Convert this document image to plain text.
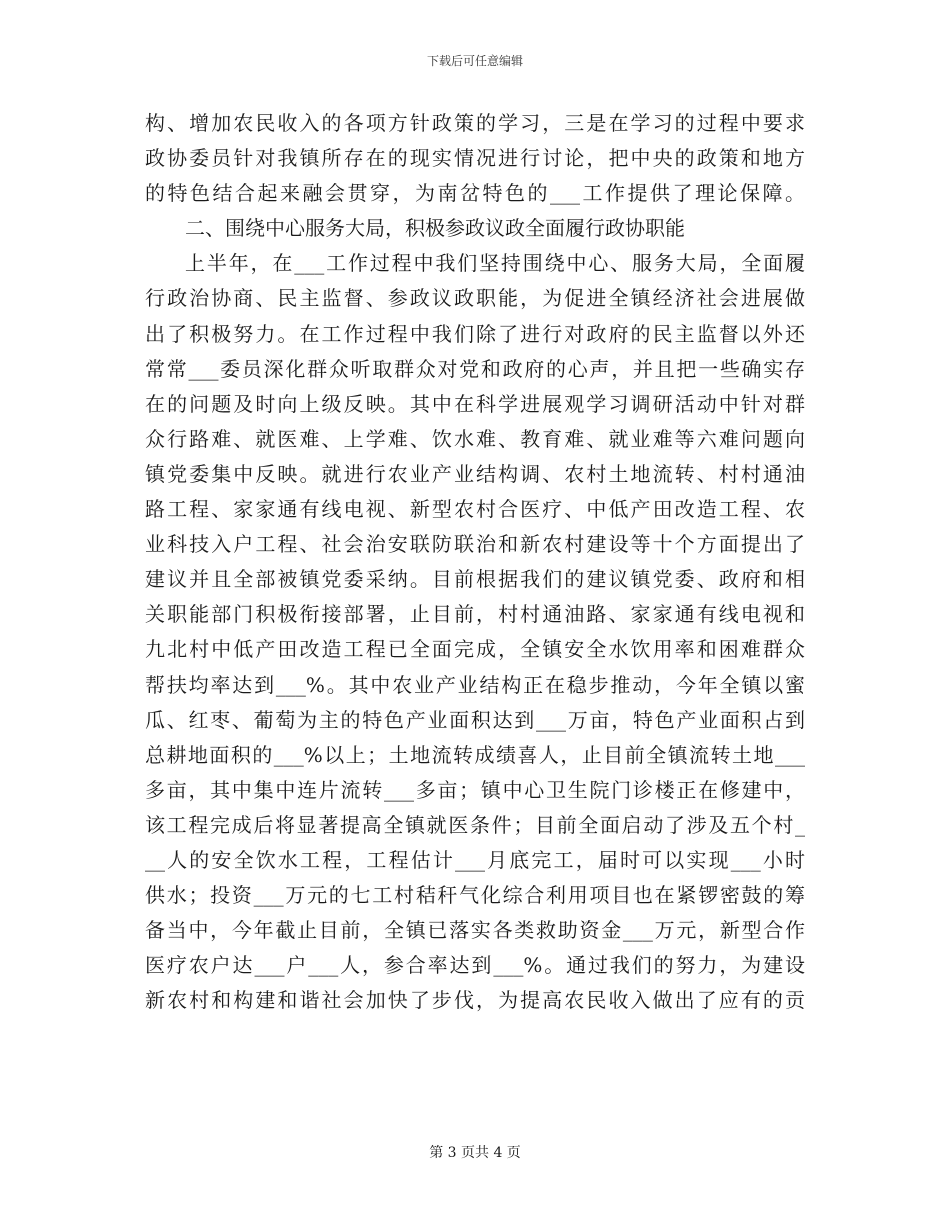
下载后可任意编辑
构、增加农民收入的各项方针政策的学习，三是在学习的过程中要求
政协委员针对我镇所存在的现实情况进行讨论，把中央的政策和地方
的特色结合起来融会贯穿，为南岔特色的___工作提供了理论保障。
二、围绕中心服务大局，积极参政议政全面履行政协职能
上半年，在___工作过程中我们坚持围绕中心、服务大局，全面履
行政治协商、民主监督、参政议政职能，为促进全镇经济社会进展做
出了积极努力。在工作过程中我们除了进行对政府的民主监督以外还
常常___委员深化群众听取群众对党和政府的心声，并且把一些确实存
在的问题及时向上级反映。其中在科学进展观学习调研活动中针对群
众行路难、就医难、上学难、饮水难、教育难、就业难等六难问题向
镇党委集中反映。就进行农业产业结构调、农村土地流转、村村通油
路工程、家家通有线电视、新型农村合医疗、中低产田改造工程、农
业科技入户工程、社会治安联防联治和新农村建设等十个方面提出了
建议并且全部被镇党委采纳。目前根据我们的建议镇党委、政府和相
关职能部门积极衔接部署，止目前，村村通油路、家家通有线电视和
九北村中低产田改造工程已全面完成，全镇安全水饮用率和困难群众
帮扶均率达到___%。其中农业产业结构正在稳步推动，今年全镇以蜜
瓜、红枣、葡萄为主的特色产业面积达到___万亩，特色产业面积占到
总耕地面积的___%以上；土地流转成绩喜人，止目前全镇流转土地___
多亩，其中集中连片流转___多亩；镇中心卫生院门诊楼正在修建中，
该工程完成后将显著提高全镇就医条件；目前全面启动了涉及五个村_
__人的安全饮水工程，工程估计___月底完工，届时可以实现___小时
供水；投资___万元的七工村秸秆气化综合利用项目也在紧锣密鼓的筹
备当中，今年截止目前，全镇已落实各类救助资金___万元，新型合作
医疗农户达___户___人，参合率达到___%。通过我们的努力，为建设
新农村和构建和谐社会加快了步伐，为提高农民收入做出了应有的贡
第 3 页共 4 页
